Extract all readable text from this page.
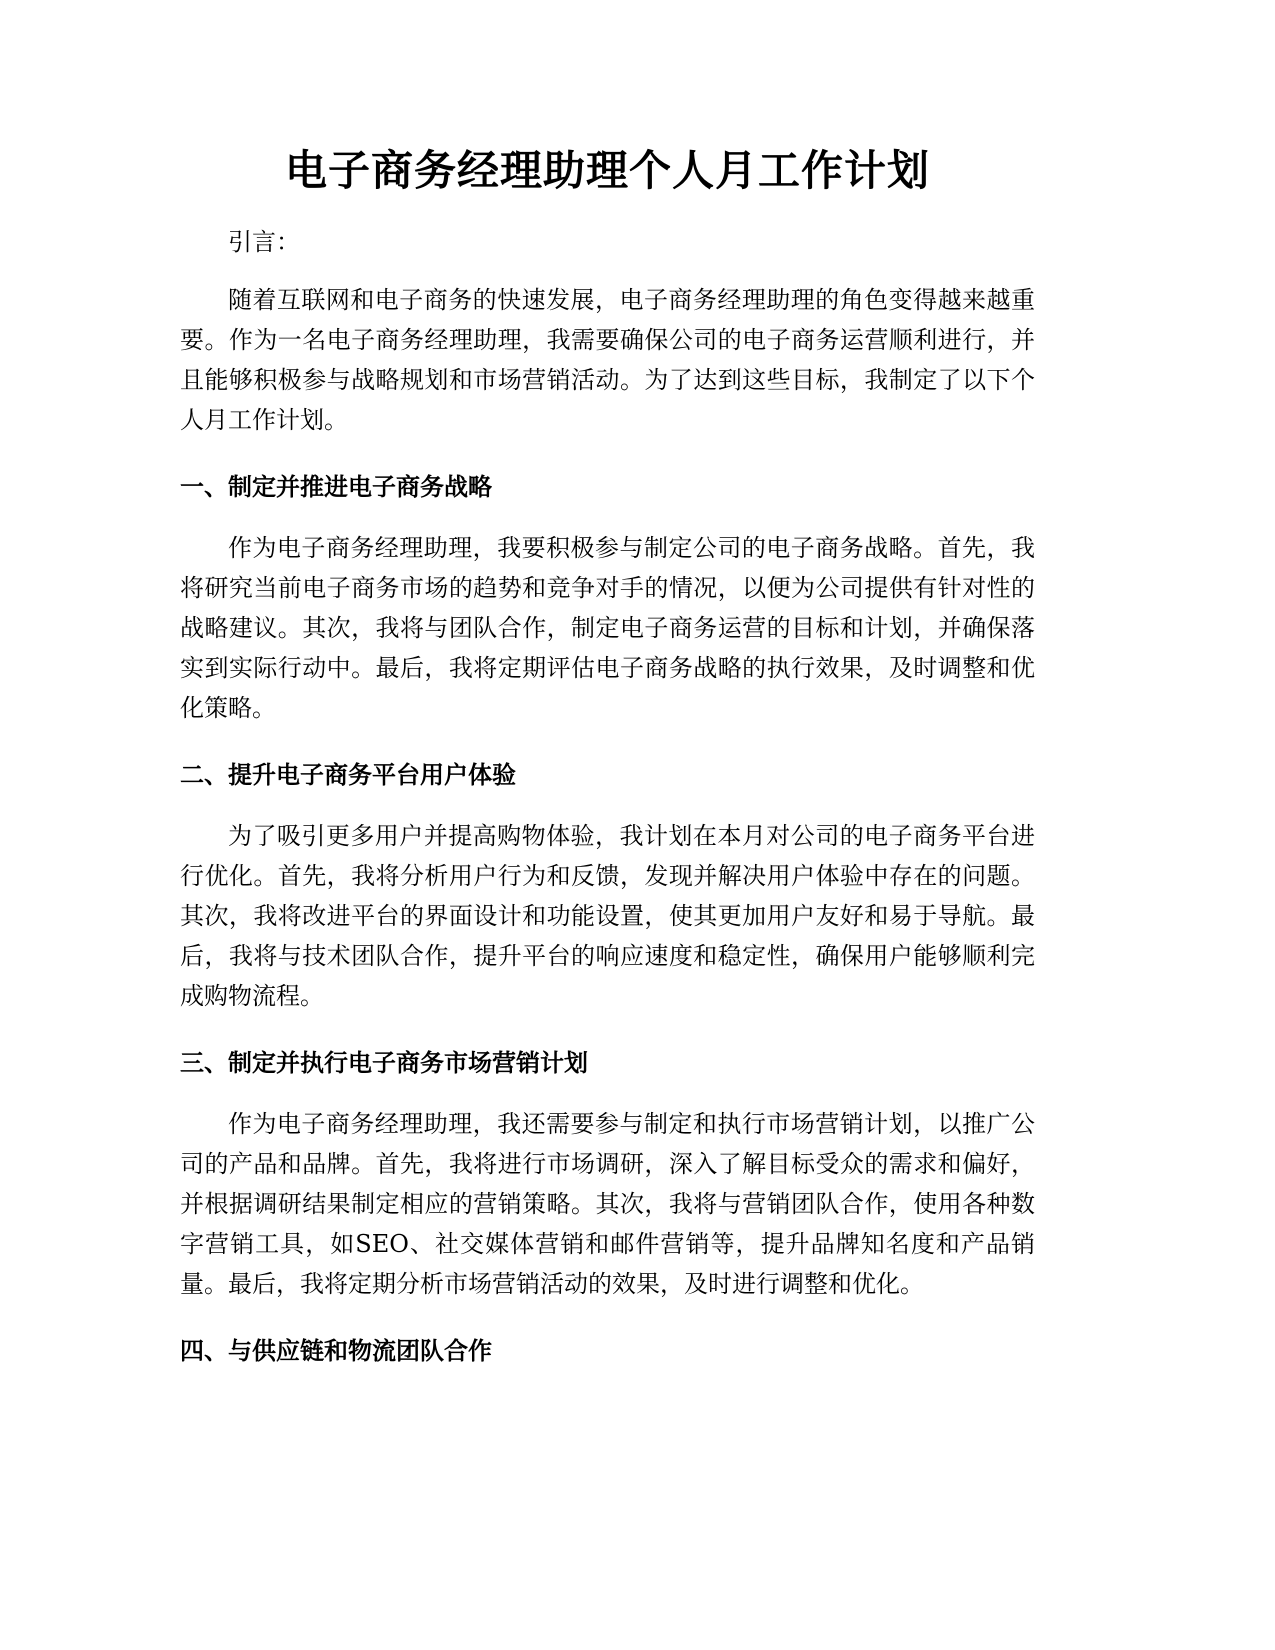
电子商务经理助理个人月工作计划

引言：

随着互联网和电子商务的快速发展，电子商务经理助理的角色变得越来越重要。作为一名电子商务经理助理，我需要确保公司的电子商务运营顺利进行，并且能够积极参与战略规划和市场营销活动。为了达到这些目标，我制定了以下个人月工作计划。

一、制定并推进电子商务战略

作为电子商务经理助理，我要积极参与制定公司的电子商务战略。首先，我将研究当前电子商务市场的趋势和竞争对手的情况，以便为公司提供有针对性的战略建议。其次，我将与团队合作，制定电子商务运营的目标和计划，并确保落实到实际行动中。最后，我将定期评估电子商务战略的执行效果，及时调整和优化策略。

二、提升电子商务平台用户体验

为了吸引更多用户并提高购物体验，我计划在本月对公司的电子商务平台进行优化。首先，我将分析用户行为和反馈，发现并解决用户体验中存在的问题。其次，我将改进平台的界面设计和功能设置，使其更加用户友好和易于导航。最后，我将与技术团队合作，提升平台的响应速度和稳定性，确保用户能够顺利完成购物流程。

三、制定并执行电子商务市场营销计划

作为电子商务经理助理，我还需要参与制定和执行市场营销计划，以推广公司的产品和品牌。首先，我将进行市场调研，深入了解目标受众的需求和偏好，并根据调研结果制定相应的营销策略。其次，我将与营销团队合作，使用各种数字营销工具，如SEO、社交媒体营销和邮件营销等，提升品牌知名度和产品销量。最后，我将定期分析市场营销活动的效果，及时进行调整和优化。

四、与供应链和物流团队合作
